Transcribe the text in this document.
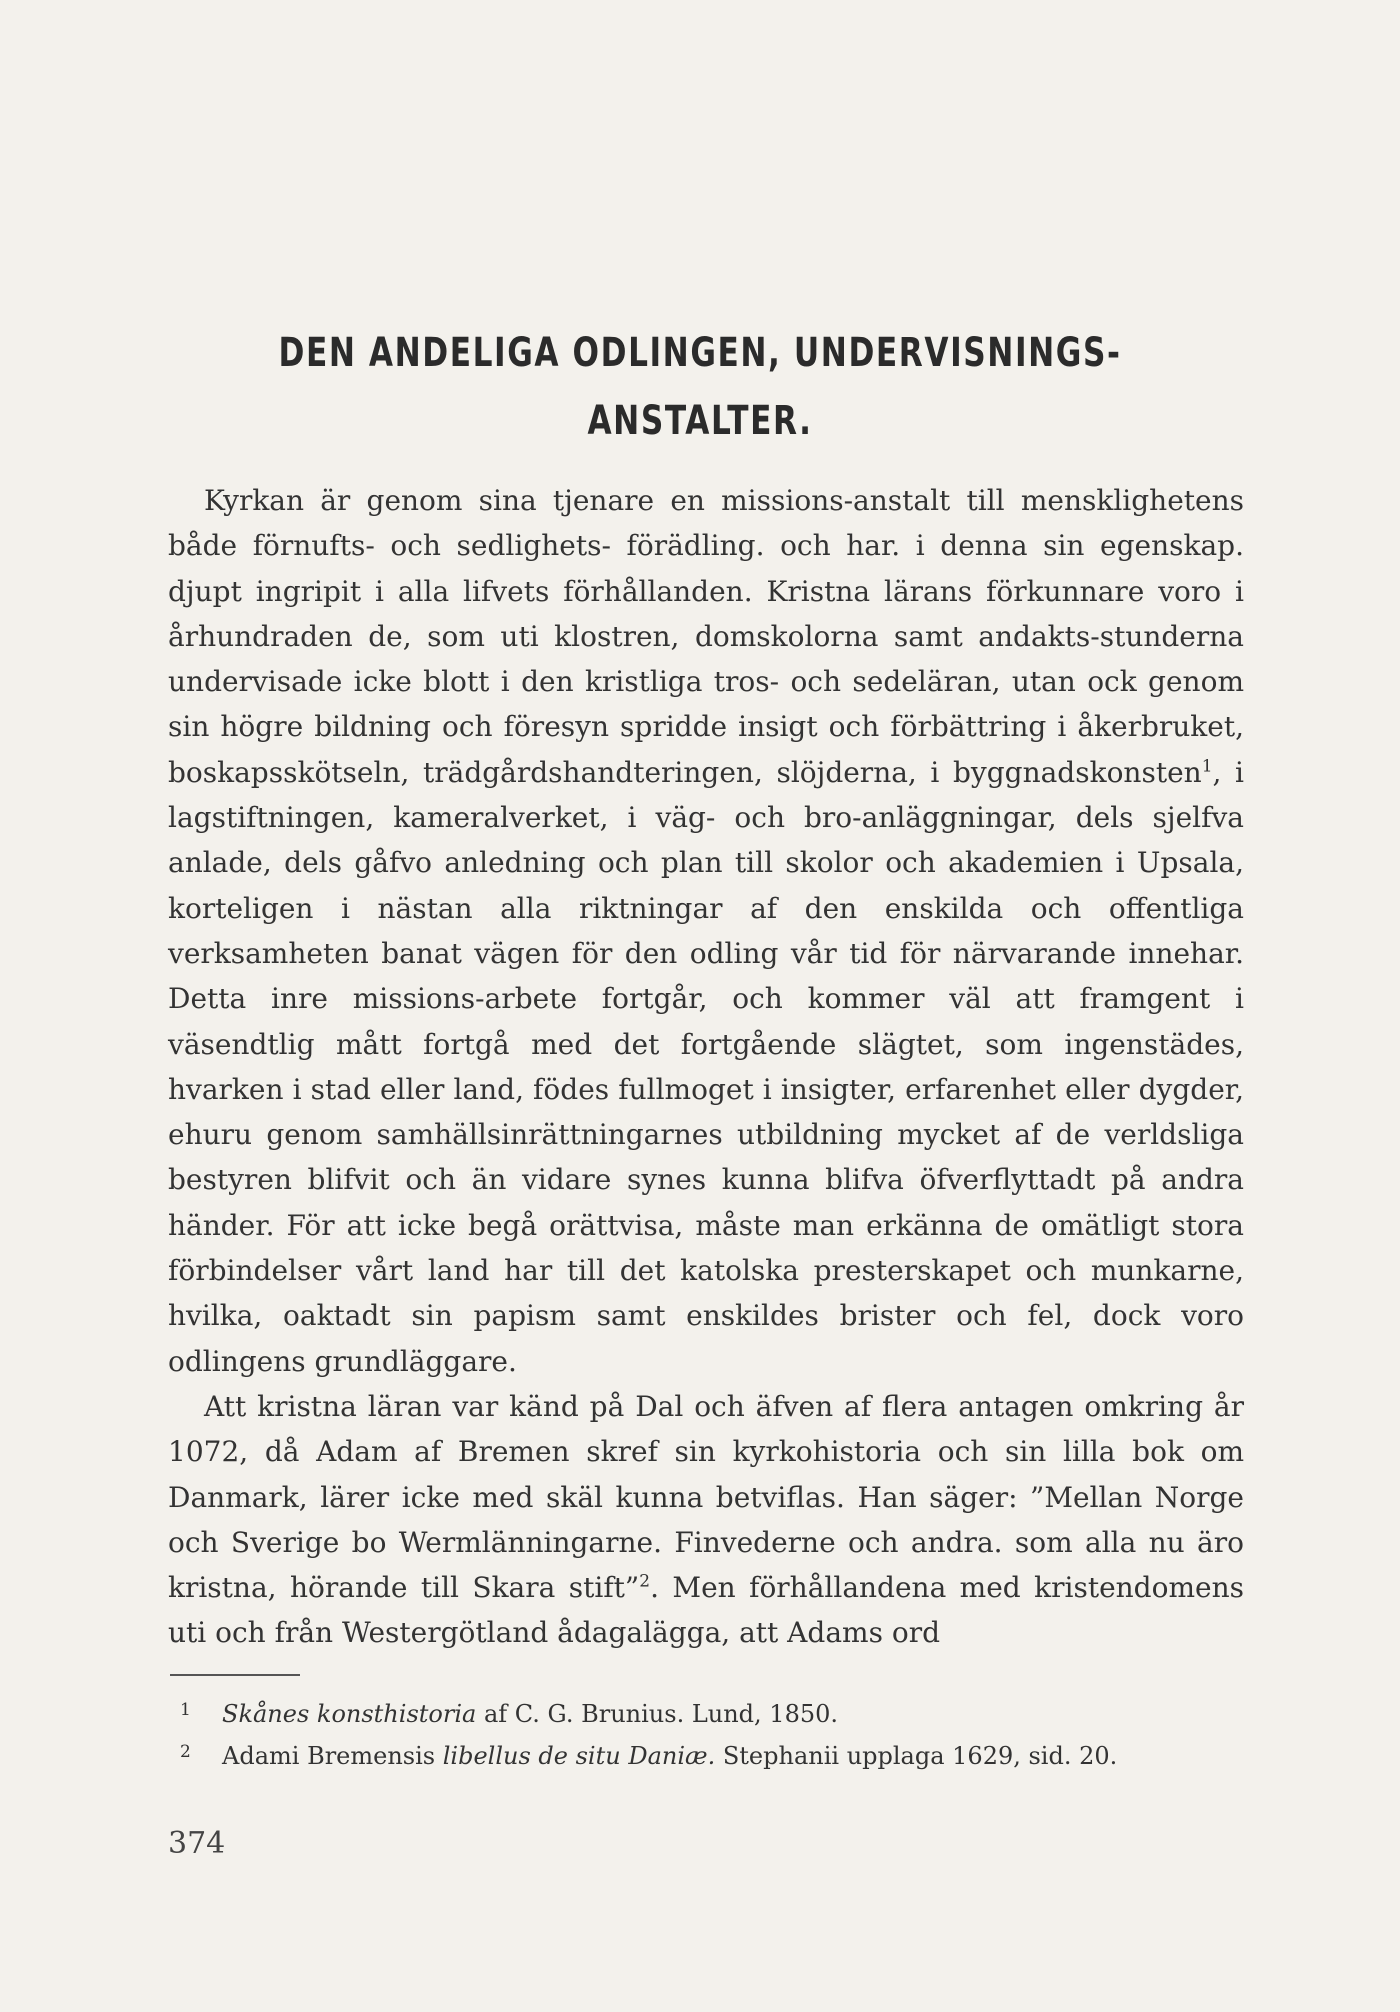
DEN ANDELIGA ODLINGEN, UNDERVISNINGS-
ANSTALTER.

Kyrkan är genom sina tjenare en missions-anstalt till mensklighetens både förnufts- och sedlighets- förädling. och har. i denna sin egenskap. djupt ingripit i alla lifvets förhållanden. Kristna lärans förkunnare voro i århundraden de, som uti klostren, domskolorna samt andakts-stunderna undervisade icke blott i den kristliga tros- och sedeläran, utan ock genom sin högre bildning och föresyn spridde insigt och förbättring i åkerbruket, boskapsskötseln, trädgårdshandteringen, slöjderna, i byggnadskonsten$^1$, i lagstiftningen, kameralverket, i väg- och bro-anläggningar, dels sjelfva anlade, dels gåfvo anledning och plan till skolor och akademien i Upsala, korteligen i nästan alla riktningar af den enskilda och offentliga verksamheten banat vägen för den odling vår tid för närvarande innehar. Detta inre missions-arbete fortgår, och kommer väl att framgent i väsendtlig mått fortgå med det fortgående slägtet, som ingenstädes, hvarken i stad eller land, födes fullmoget i insigter, erfarenhet eller dygder, ehuru genom samhällsinrättningarnes utbildning mycket af de verldsliga bestyren blifvit och än vidare synes kunna blifva öfverflyttadt på andra händer. För att icke begå orättvisa, måste man erkänna de omätligt stora förbindelser vårt land har till det katolska presterskapet och munkarne, hvilka, oaktadt sin papism samt enskildes brister och fel, dock voro odlingens grundläggare.

Att kristna läran var känd på Dal och äfven af flera antagen omkring år 1072, då Adam af Bremen skref sin kyrkohistoria och sin lilla bok om Danmark, lärer icke med skäl kunna betviflas. Han säger: ”Mellan Norge och Sverige bo Wermlänningarne. Finvederne och andra. som alla nu äro kristna, hörande till Skara stift”$^2$. Men förhållandena med kristendomens uti och från Westergötland ådagalägga, att Adams ord

1 Skånes konsthistoria af C. G. Brunius. Lund, 1850.

2 Adami Bremensis libellus de situ Daniæ. Stephanii upplaga 1629, sid. 20.

374
